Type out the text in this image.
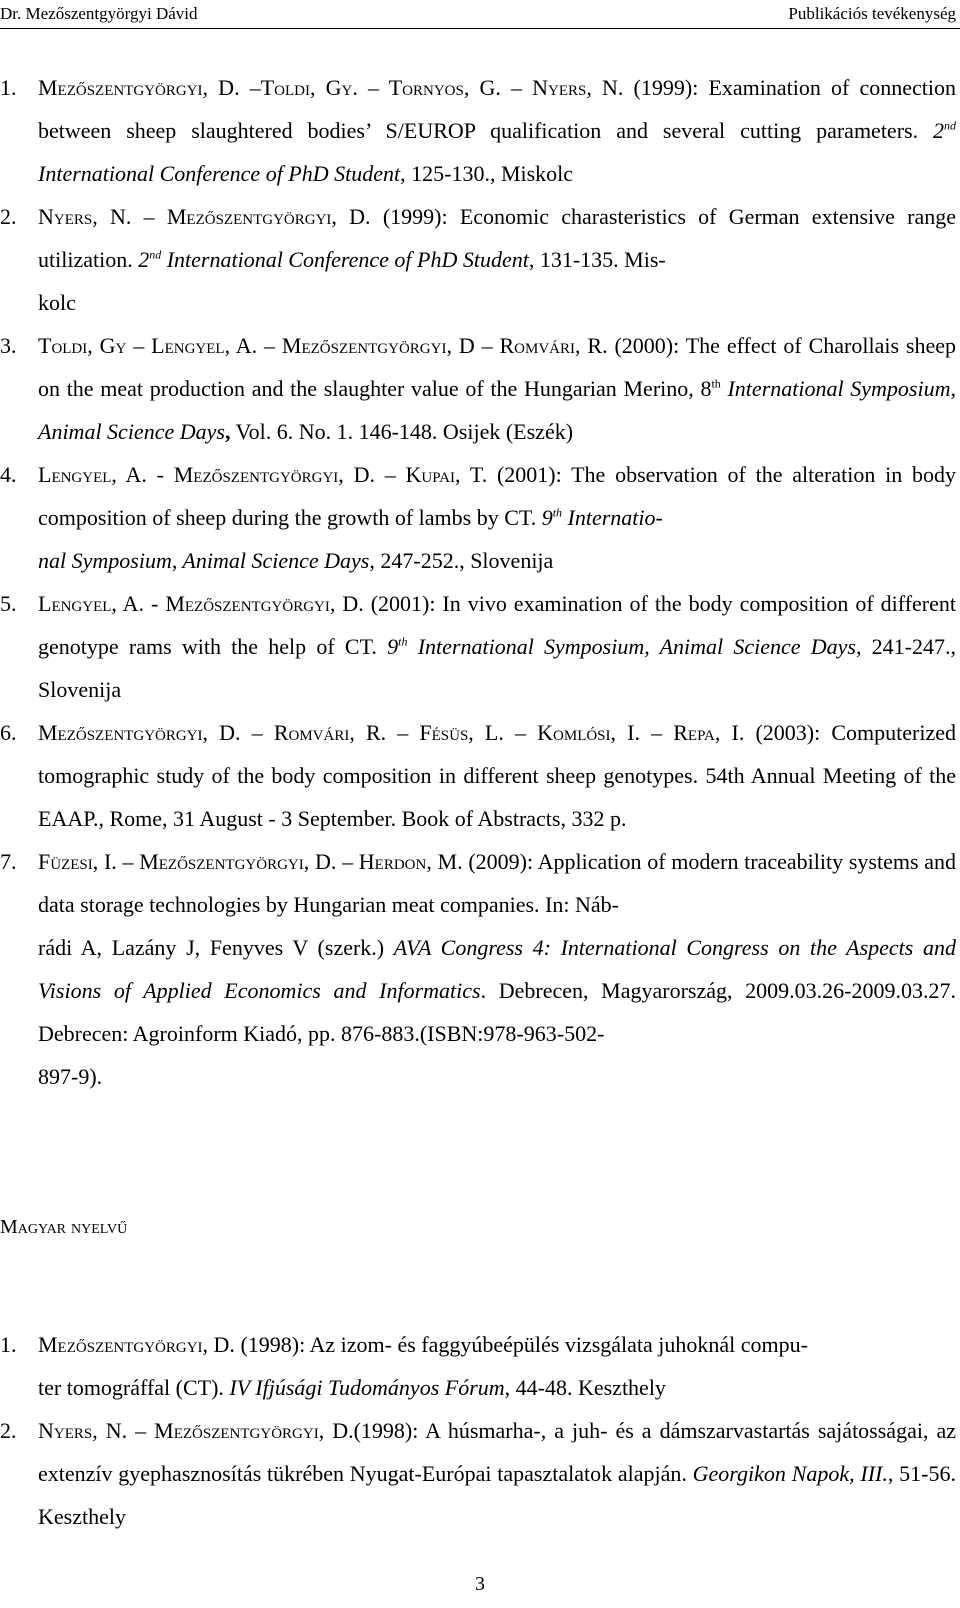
Dr. Mezőszentgyörgyi Dávid	Publikációs tevékenység
1. Mezőszentgyörgyi, D. –Toldi, Gy. – Tornyos, G. – Nyers, N. (1999): Examination of connection between sheep slaughtered bodies’ S/EUROP qualification and several cutting parameters. 2nd International Conference of PhD Student, 125-130., Miskolc
2. Nyers, N. – Mezőszentgyörgyi, D. (1999): Economic charasteristics of German extensive range utilization. 2nd International Conference of PhD Student, 131-135. Mis-
kolc
3. Toldi, Gy – Lengyel, A. – Mezőszentgyörgyi, D – Romvári, R. (2000): The effect of Charollais sheep on the meat production and the slaughter value of the Hungarian Merino, 8th International Symposium, Animal Science Days, Vol. 6. No. 1. 146-148. Osijek (Eszék)
4. Lengyel, A. - Mezőszentgyörgyi, D. – Kupai, T. (2001): The observation of the alteration in body composition of sheep during the growth of lambs by CT. 9th Internatio-
nal Symposium, Animal Science Days, 247-252., Slovenija
5. Lengyel, A. - Mezőszentgyörgyi, D. (2001): In vivo examination of the body composition of different genotype rams with the help of CT. 9th International Symposium, Animal Science Days, 241-247., Slovenija
6. Mezőszentgyörgyi, D. – Romvári, R. – Fésüs, L. – Komlósi, I. – Repa, I. (2003): Computerized tomographic study of the body composition in different sheep genotypes. 54th Annual Meeting of the EAAP., Rome, 31 August - 3 September. Book of Abstracts, 332 p.
7. Füzesi, I. – Mezőszentgyörgyi, D. – Herdon, M. (2009): Application of modern traceability systems and data storage technologies by Hungarian meat companies. In: Náb-
rádi A, Lazány J, Fenyves V (szerk.) AVA Congress 4: International Congress on the Aspects and Visions of Applied Economics and Informatics. Debrecen, Magyarország, 2009.03.26-2009.03.27. Debrecen: Agroinform Kiadó, pp. 876-883.(ISBN:978-963-502-
897-9).
Magyar nyelvű
1. Mezőszentgyörgyi, D. (1998): Az izom- és faggyúbeépülés vizsgálata juhoknál compu-
ter tomográffal (CT). IV Ifjúsági Tudományos Fórum, 44-48. Keszthely
2. Nyers, N. – Mezőszentgyörgyi, D.(1998): A húsmarha-, a juh- és a dámszarvastartás sajátosságai, az extenzív gyephasznosítás tükrében Nyugat-Európai tapasztalatok alapján. Georgikon Napok, III., 51-56. Keszthely
3
